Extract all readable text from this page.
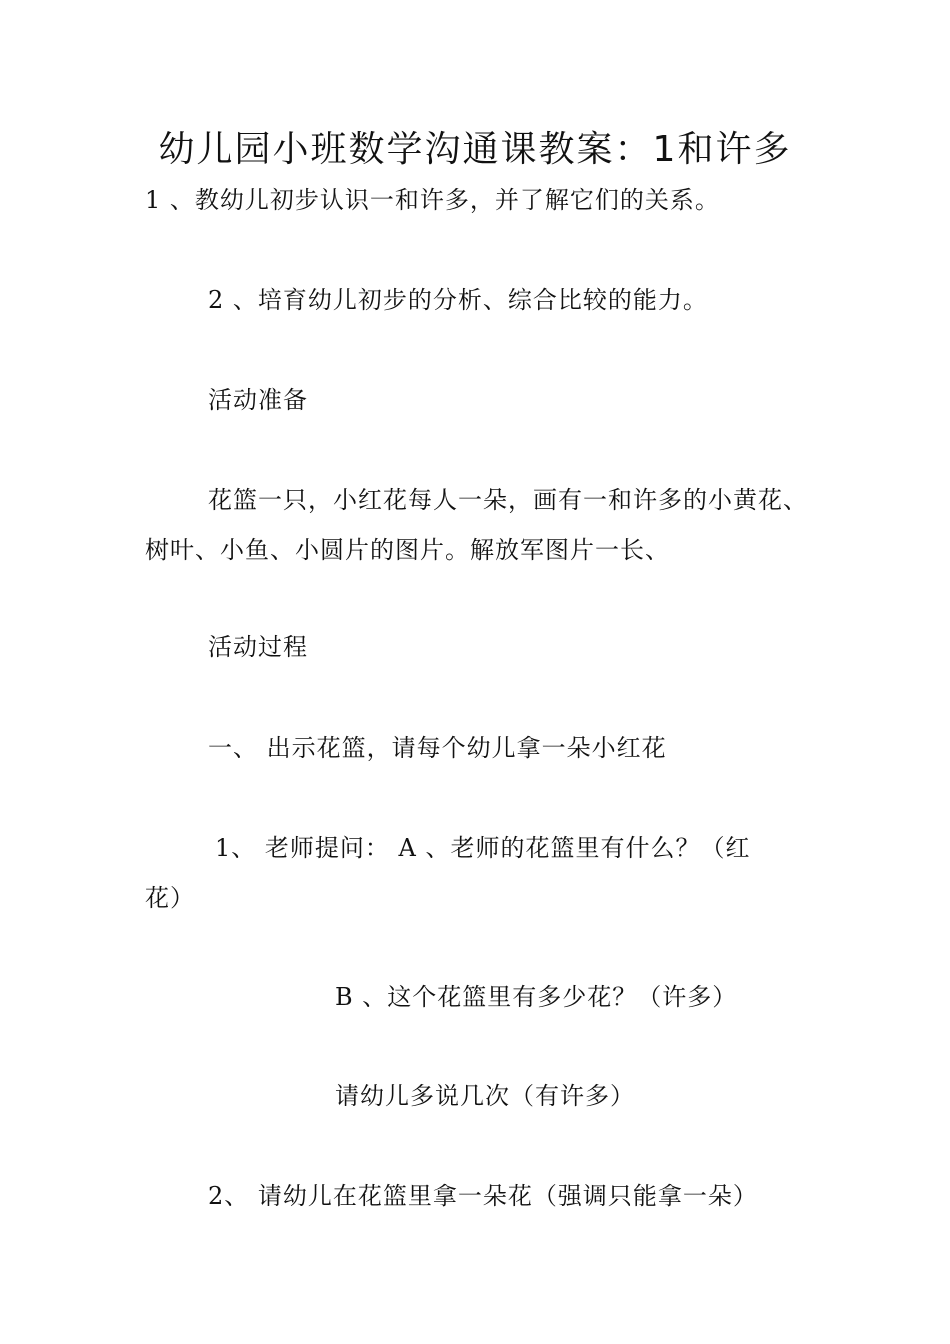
幼儿园小班数学沟通课教案：1和许多
1 、教幼儿初步认识一和许多，并了解它们的关系。
2 、培育幼儿初步的分析、综合比较的能力。
活动准备
花篮一只，小红花每人一朵，画有一和许多的小黄花、
树叶、小鱼、小圆片的图片。解放军图片一长、
活动过程
一、 出示花篮，请每个幼儿拿一朵小红花
1、 老师提问： A 、老师的花篮里有什么？（红
花）
B 、这个花篮里有多少花？（许多）
请幼儿多说几次（有许多）
2、 请幼儿在花篮里拿一朵花（强调只能拿一朵）
